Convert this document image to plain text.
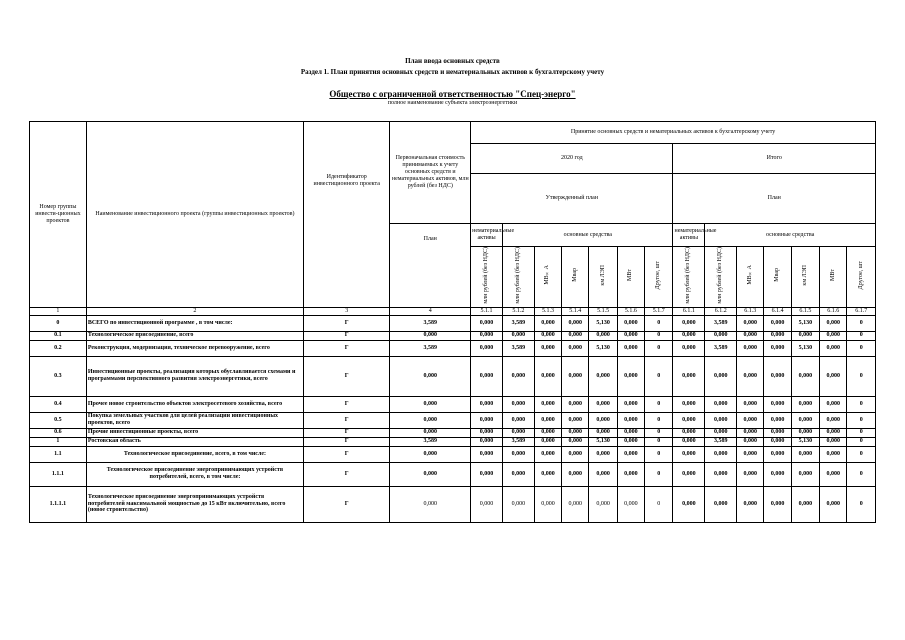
План ввода основных средств
Раздел 1. План принятия основных средств и нематериальных активов к бухгалтерскому учету
Общество с ограниченной ответственностью "Спец-энерго"
полное наименование субъекта электроэнергетики
Номер группы инвести-ционных проектов	Наименование инвестиционного проекта (группы инвестиционных проектов)	Идентификатор инвестиционного проекта	Первоначальная стоимость принимаемых к учету основных средств и нематериальных активов, млн рублей (без НДС)	Принятие основных средств и нематериальных активов к бухгалтерскому учету													
				2020 год							Итого						
				Утвержденный план							План						
			План	нематериальные активы	основные средства						нематериальные активы	основные средства					
				млн рублей (без НДС)	млн рублей (без НДС)	МВ×А	Мвар	км ЛЭП	МВт	Другое, шт	млн рублей (без НДС)	млн рублей (без НДС)	МВ×А	Мвар	км ЛЭП	МВт	Другое, шт
1	2	3	4	5.1.1	5.1.2	5.1.3	5.1.4	5.1.5	5.1.6	5.1.7	6.1.1	6.1.2	6.1.3	6.1.4	6.1.5	6.1.6	6.1.7
0	ВСЕГО по инвестиционной программе , в том числе:	Г	3,589	0,000	3,589	0,000	0,000	5,130	0,000	0	0,000	3,589	0,000	0,000	5,130	0,000	0
0.1	Технологическое присоединение, всего	Г	0,000	0,000	0,000	0,000	0,000	0,000	0,000	0	0,000	0,000	0,000	0,000	0,000	0,000	0
0.2	Реконструкция, модернизация, техническое перевооружение, всего	Г	3,589	0,000	3,589	0,000	0,000	5,130	0,000	0	0,000	3,589	0,000	0,000	5,130	0,000	0
0.3	Инвестиционные проекты, реализация которых обуславливается схемами и программами перспективного развития электроэнергетики, всего	Г	0,000	0,000	0,000	0,000	0,000	0,000	0,000	0	0,000	0,000	0,000	0,000	0,000	0,000	0
0.4	Прочее новое строительство объектов электросетевого хозяйства, всего	Г	0,000	0,000	0,000	0,000	0,000	0,000	0,000	0	0,000	0,000	0,000	0,000	0,000	0,000	0
0.5	Покупка земельных участков для целей реализации инвестиционных проектов, всего	Г	0,000	0,000	0,000	0,000	0,000	0,000	0,000	0	0,000	0,000	0,000	0,000	0,000	0,000	0
0.6	Прочие инвестиционные проекты, всего	Г	0,000	0,000	0,000	0,000	0,000	0,000	0,000	0	0,000	0,000	0,000	0,000	0,000	0,000	0
1	Ростовская область	Г	3,589	0,000	3,589	0,000	0,000	5,130	0,000	0	0,000	3,589	0,000	0,000	5,130	0,000	0
1.1	Технологическое присоединение, всего, в том числе:	Г	0,000	0,000	0,000	0,000	0,000	0,000	0,000	0	0,000	0,000	0,000	0,000	0,000	0,000	0
1.1.1	Технологическое присоединение энергопринимающих устройств потребителей, всего, в том числе:	Г	0,000	0,000	0,000	0,000	0,000	0,000	0,000	0	0,000	0,000	0,000	0,000	0,000	0,000	0
1.1.1.1	Технологическое присоединение энергопринимающих устройств потребителей максимальной мощностью до 15 кВт включительно, всего (новое строительство)	Г	0,000	0,000	0,000	0,000	0,000	0,000	0,000	0	0,000	0,000	0,000	0,000	0,000	0,000	0
